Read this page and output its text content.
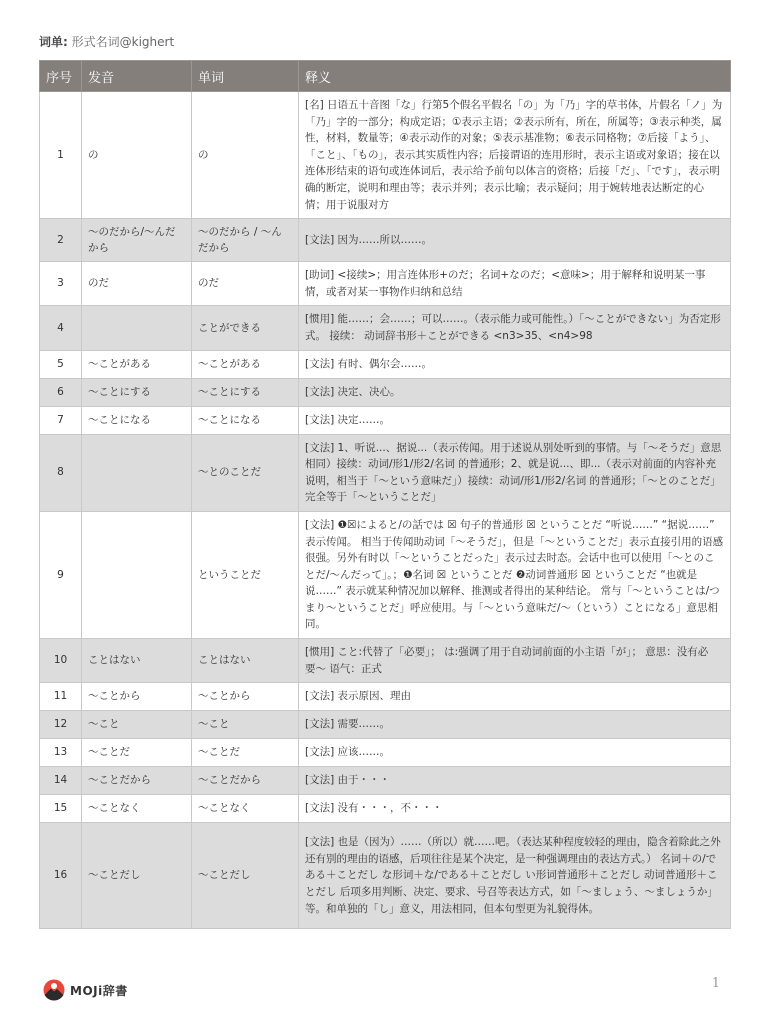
词单: 形式名词@kighert
序号	发音	单词	释义
1	の	の	[名] 日语五十音图「な」行第5个假名平假名「の」为「乃」字的草书体，片假名「ノ」为「乃」字的一部分；构成定语；①表示主语；②表示所有，所在，所属等；③表示种类，属性，材料，数量等；④表示动作的对象；⑤表示基准物；⑥表示同格物；⑦后接「よう」、「こと」、「もの」，表示其实质性内容；后接谓语的连用形时，表示主语或对象语；接在以连体形结束的语句或连体词后，表示给予前句以体言的资格；后接「だ」、「です」，表示明确的断定，说明和理由等；表示并列；表示比喻；表示疑问；用于婉转地表达断定的心情；用于说服对方
2	〜のだから/〜んだから	〜のだから / 〜んだから	[文法] 因为……所以……。
3	のだ	のだ	[助词] <接续>；用言连体形+のだ；名词+なのだ；<意味>；用于解释和说明某一事情，或者对某一事物作归纳和总结
4		ことができる	[惯用] 能……；会……；可以……。（表示能力或可能性。）「〜ことができない」为否定形式。 接续： 动词辞书形＋ことができる <n3>35、<n4>98
5	〜ことがある	〜ことがある	[文法] 有时、偶尔会……。
6	〜ことにする	〜ことにする	[文法] 决定、决心。
7	〜ことになる	〜ことになる	[文法] 决定……。
8		〜とのことだ	[文法] 1、听说...、据说...（表示传闻。用于述说从别处听到的事情。与「〜そうだ」意思相同）接续：动词/形1/形2/名词 的普通形；2、就是说...、即...（表示对前面的内容补充说明，相当于「〜という意味だ」）接续：动词/形1/形2/名词 的普通形；「〜とのことだ」完全等于「〜ということだ」
9		ということだ	[文法] ❶☒によると/の話では ☒ 句子的普通形 ☒ ということだ “听说……” “据说……” 表示传闻。 相当于传闻助动词「〜そうだ」，但是「〜ということだ」表示直接引用的语感很强。另外有时以「〜ということだった」表示过去时态。会话中也可以使用「〜とのことだ/〜んだって」。；❶名词 ☒ ということだ ❷动词普通形 ☒ ということだ “也就是说……” 表示就某种情况加以解释、推测或者得出的某种结论。 常与「〜ということは/つまり〜ということだ」呼应使用。与「〜という意味だ/〜（という）ことになる」意思相同。
10	ことはない	ことはない	[惯用] こと:代替了「必要」； は:强调了用于自动词前面的小主语「が」； 意思：没有必要〜 语气：正式
11	〜ことから	〜ことから	[文法] 表示原因、理由
12	〜こと	〜こと	[文法] 需要……。
13	〜ことだ	〜ことだ	[文法] 应该……。
14	〜ことだから	〜ことだから	[文法] 由于・・・
15	〜ことなく	〜ことなく	[文法] 没有・・・，不・・・
16	〜ことだし	〜ことだし	[文法] 也是（因为）……（所以）就……吧。（表达某种程度较轻的理由，隐含着除此之外还有别的理由的语感，后项往往是某个决定，是一种强调理由的表达方式。） 名词＋の/である＋ことだし な形词＋な/である＋ことだし い形词普通形＋ことだし 动词普通形＋ことだし 后项多用判断、决定、要求、号召等表达方式，如「〜ましょう、〜ましょうか」等。和单独的「し」意义，用法相同，但本句型更为礼貌得体。
MOJi辞書	1
